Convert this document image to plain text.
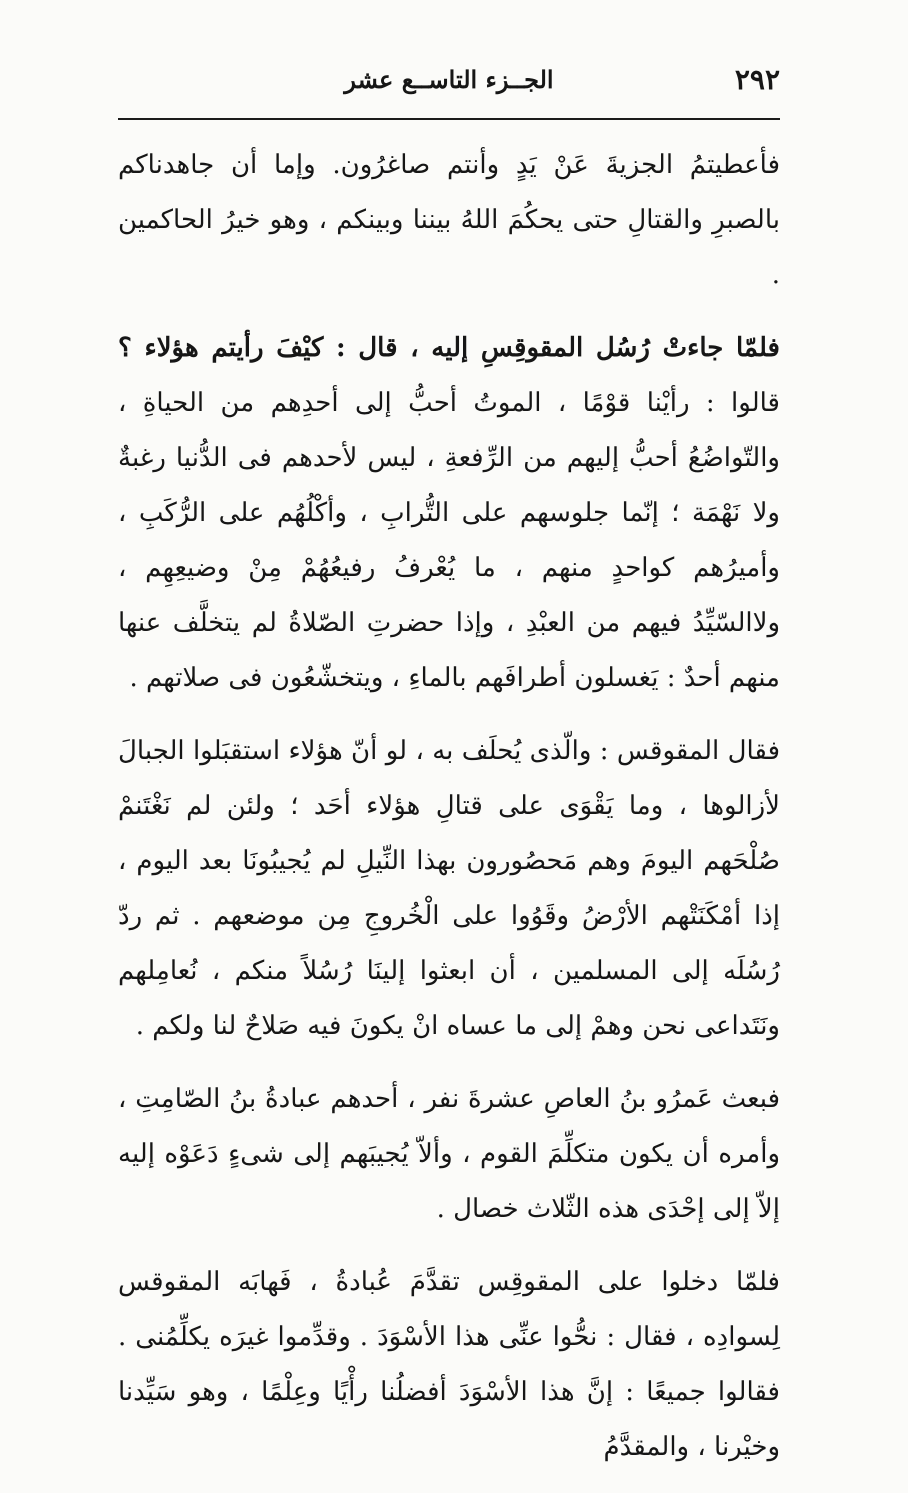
٢٩٢
الجــزء التاســع عشر

فأعطيتمُ الجزيةَ عَنْ يَدٍ وأنتم صاغرُون. وإما أن جاهدناكم بالصبرِ والقتالِ حتى يحكُمَ اللهُ بيننا وبينكم ، وهو خيرُ الحاكمين .

فلمّا جاءتْ رُسُل المقوقِسِ إليه ، قال : كيْفَ رأيتم هؤلاء ؟ قالوا : رأيْنا قوْمًا ، الموتُ أحبُّ إلى أحدِهم من الحياةِ ، والتّواضُعُ أحبُّ إليهم من الرِّفعةِ ، ليس لأحدهم فى الدُّنيا رغبةٌ ولا نَهْمَة ؛ إنّما جلوسهم على التُّرابِ ، وأكْلُهُم على الرُّكَبِ ، وأميرُهم كواحدٍ منهم ، ما يُعْرفُ رفيعُهُمْ مِنْ وضيعِهِم ، ولاالسّيِّدُ فيهم من العبْدِ ، وإذا حضرتِ الصّلاةُ لم يتخلَّف عنها منهم أحدٌ : يَغسلون أطرافَهم بالماءِ ، ويتخشّعُون فى صلاتهم .

فقال المقوقس : والّذى يُحلَف به ، لو أنّ هؤلاء استقبَلوا الجبالَ لأزالوها ، وما يَقْوَى على قتالِ هؤلاء أحَد ؛ ولئن لم نَغْتَنمْ صُلْحَهم اليومَ وهم مَحصُورون بهذا النِّيلِ لم يُجيبُونَا بعد اليوم ، إذا أمْكَنَتْهم الأرْضُ وقَوُوا على الْخُروجِ مِن موضعهم . ثم ردّ رُسُلَه إلى المسلمين ، أن ابعثوا إلينَا رُسُلاً منكم ، نُعامِلهم ونَتَداعى نحن وهمْ إلى ما عساه انْ يكونَ فيه صَلاحٌ لنا ولكم .

فبعث عَمرُو بنُ العاصِ عشرةَ نفر ، أحدهم عبادةُ بنُ الصّامِتِ ، وأمره أن يكون متكلِّمَ القوم ، وألاّ يُجيبَهم إلى شىءٍ دَعَوْه إليه إلاّ إلى إحْدَى هذه الثّلاث خصال .

فلمّا دخلوا على المقوقِس تقدَّمَ عُبادةُ ، فَهابَه المقوقس لِسوادِه ، فقال : نحُّوا عنِّى هذا الأسْوَدَ . وقدِّموا غيرَه يكلِّمُنى . فقالوا جميعًا : إنَّ هذا الأسْوَدَ أفضلُنا رأْيًا وعِلْمًا ، وهو سَيِّدنا وخيْرنا ، والمقدَّمُ
